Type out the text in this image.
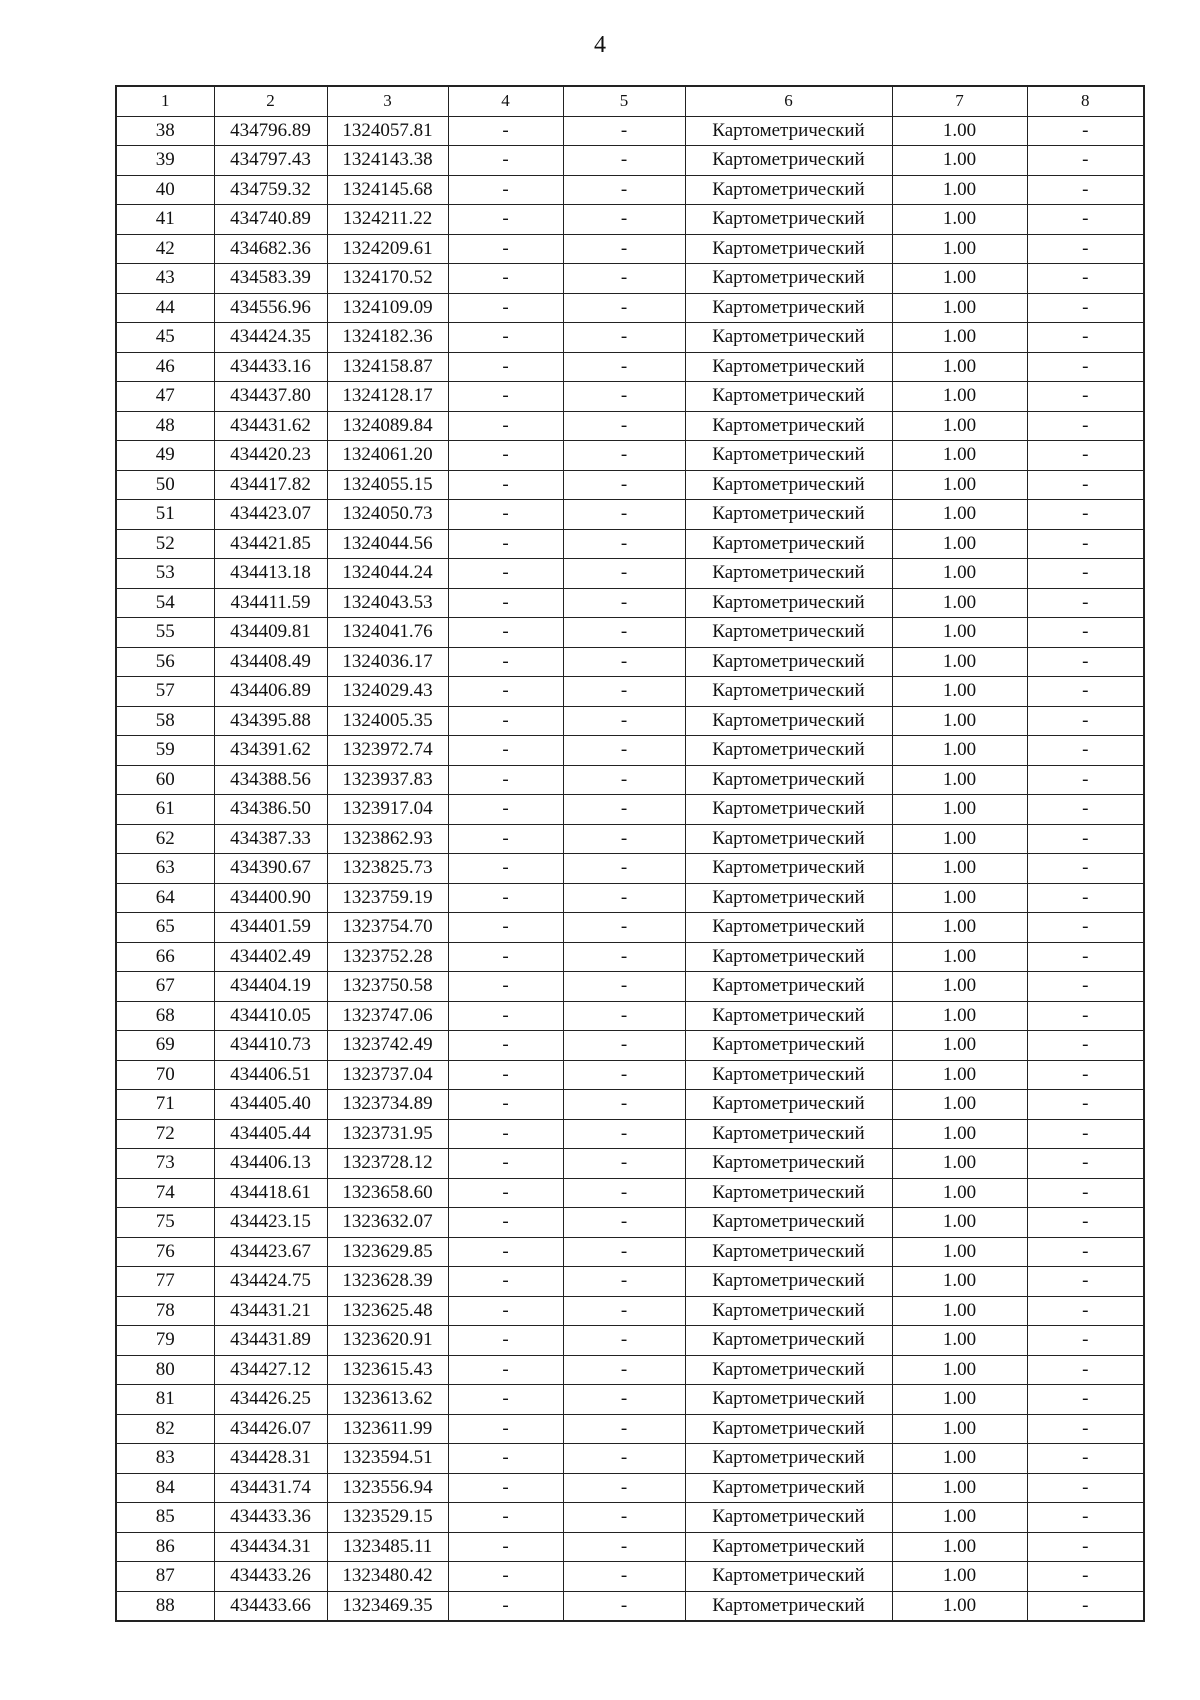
4
1	2	3	4	5	6	7	8
38	434796.89	1324057.81	-	-	Картометрический	1.00	-
39	434797.43	1324143.38	-	-	Картометрический	1.00	-
40	434759.32	1324145.68	-	-	Картометрический	1.00	-
41	434740.89	1324211.22	-	-	Картометрический	1.00	-
42	434682.36	1324209.61	-	-	Картометрический	1.00	-
43	434583.39	1324170.52	-	-	Картометрический	1.00	-
44	434556.96	1324109.09	-	-	Картометрический	1.00	-
45	434424.35	1324182.36	-	-	Картометрический	1.00	-
46	434433.16	1324158.87	-	-	Картометрический	1.00	-
47	434437.80	1324128.17	-	-	Картометрический	1.00	-
48	434431.62	1324089.84	-	-	Картометрический	1.00	-
49	434420.23	1324061.20	-	-	Картометрический	1.00	-
50	434417.82	1324055.15	-	-	Картометрический	1.00	-
51	434423.07	1324050.73	-	-	Картометрический	1.00	-
52	434421.85	1324044.56	-	-	Картометрический	1.00	-
53	434413.18	1324044.24	-	-	Картометрический	1.00	-
54	434411.59	1324043.53	-	-	Картометрический	1.00	-
55	434409.81	1324041.76	-	-	Картометрический	1.00	-
56	434408.49	1324036.17	-	-	Картометрический	1.00	-
57	434406.89	1324029.43	-	-	Картометрический	1.00	-
58	434395.88	1324005.35	-	-	Картометрический	1.00	-
59	434391.62	1323972.74	-	-	Картометрический	1.00	-
60	434388.56	1323937.83	-	-	Картометрический	1.00	-
61	434386.50	1323917.04	-	-	Картометрический	1.00	-
62	434387.33	1323862.93	-	-	Картометрический	1.00	-
63	434390.67	1323825.73	-	-	Картометрический	1.00	-
64	434400.90	1323759.19	-	-	Картометрический	1.00	-
65	434401.59	1323754.70	-	-	Картометрический	1.00	-
66	434402.49	1323752.28	-	-	Картометрический	1.00	-
67	434404.19	1323750.58	-	-	Картометрический	1.00	-
68	434410.05	1323747.06	-	-	Картометрический	1.00	-
69	434410.73	1323742.49	-	-	Картометрический	1.00	-
70	434406.51	1323737.04	-	-	Картометрический	1.00	-
71	434405.40	1323734.89	-	-	Картометрический	1.00	-
72	434405.44	1323731.95	-	-	Картометрический	1.00	-
73	434406.13	1323728.12	-	-	Картометрический	1.00	-
74	434418.61	1323658.60	-	-	Картометрический	1.00	-
75	434423.15	1323632.07	-	-	Картометрический	1.00	-
76	434423.67	1323629.85	-	-	Картометрический	1.00	-
77	434424.75	1323628.39	-	-	Картометрический	1.00	-
78	434431.21	1323625.48	-	-	Картометрический	1.00	-
79	434431.89	1323620.91	-	-	Картометрический	1.00	-
80	434427.12	1323615.43	-	-	Картометрический	1.00	-
81	434426.25	1323613.62	-	-	Картометрический	1.00	-
82	434426.07	1323611.99	-	-	Картометрический	1.00	-
83	434428.31	1323594.51	-	-	Картометрический	1.00	-
84	434431.74	1323556.94	-	-	Картометрический	1.00	-
85	434433.36	1323529.15	-	-	Картометрический	1.00	-
86	434434.31	1323485.11	-	-	Картометрический	1.00	-
87	434433.26	1323480.42	-	-	Картометрический	1.00	-
88	434433.66	1323469.35	-	-	Картометрический	1.00	-
